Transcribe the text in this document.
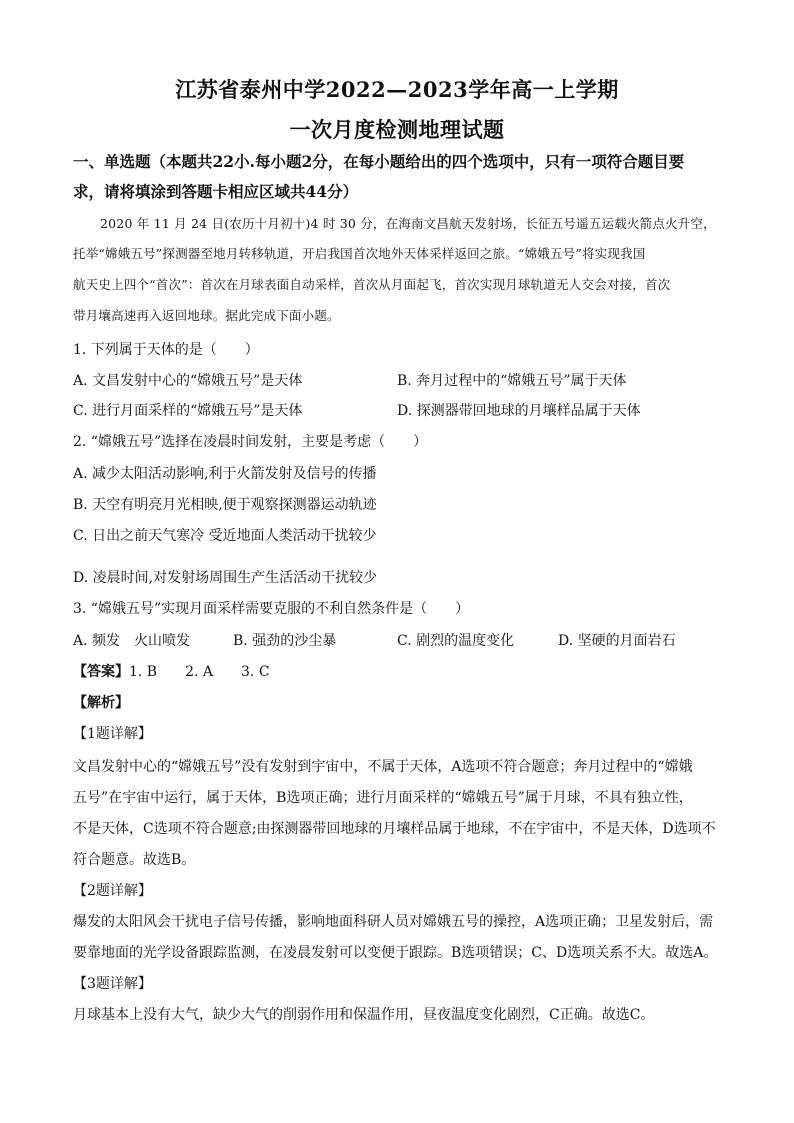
江苏省泰州中学2022—2023学年高一上学期
一次月度检测地理试题
一、单选题（本题共22小.每小题2分，在每小题给出的四个选项中，只有一项符合题目要
求，请将填涂到答题卡相应区域共44分）
2020 年 11 月 24 日(农历十月初十)4 时 30 分，在海南文昌航天发射场，长征五号遥五运载火箭点火升空，
托举“嫦娥五号”探测器至地月转移轨道，开启我国首次地外天体采样返回之旅。“嫦娥五号”将实现我国
航天史上四个“首次”：首次在月球表面自动采样，首次从月面起飞，首次实现月球轨道无人交会对接，首次
带月壤高速再入返回地球。据此完成下面小题。
1. 下列属于天体的是（　　）
A. 文昌发射中心的“嫦娥五号”是天体	B. 奔月过程中的“嫦娥五号”属于天体
C. 进行月面采样的“嫦娥五号”是天体	D. 探测器带回地球的月壤样品属于天体
2. “嫦娥五号”选择在凌晨时间发射，主要是考虑（　　）
A. 减少太阳活动影响,利于火箭发射及信号的传播
B. 天空有明亮月光相映,便于观察探测器运动轨迹
C. 日出之前天气寒冷 受近地面人类活动干扰较少
D. 凌晨时间,对发射场周围生产生活活动干扰较少
3. “嫦娥五号”实现月面采样需要克服的不利自然条件是（　　）
A. 频发　火山喷发	B. 强劲的沙尘暴	C. 剧烈的温度变化	D. 坚硬的月面岩石
【答案】1. B　　2. A　　3. C
【解析】
【1题详解】
文昌发射中心的“嫦娥五号”没有发射到宇宙中，不属于天体，A选项不符合题意；奔月过程中的“嫦娥
五号”在宇宙中运行，属于天体，B选项正确；进行月面采样的“嫦娥五号”属于月球，不具有独立性，
不是天体，C选项不符合题意;由探测器带回地球的月壤样品属于地球，不在宇宙中，不是天体，D选项不
符合题意。故选B。
【2题详解】
爆发的太阳风会干扰电子信号传播，影响地面科研人员对嫦娥五号的操控，A选项正确；卫星发射后，需
要靠地面的光学设备跟踪监测，在凌晨发射可以变便于跟踪。B选项错误；C、D选项关系不大。故选A。
【3题详解】
月球基本上没有大气，缺少大气的削弱作用和保温作用，昼夜温度变化剧烈，C正确。故选C。
